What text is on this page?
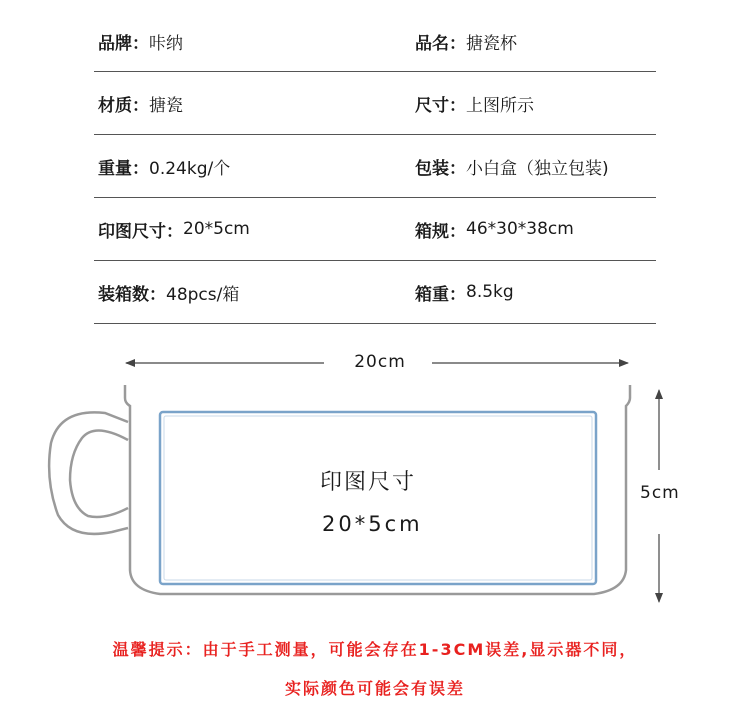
品牌： 咔纳	品名： 搪瓷杯
材质： 搪瓷	尺寸： 上图所示
重量： 0.24kg/个	包装： 小白盒（独立包装)
印图尺寸： 20*5cm	箱规： 46*30*38cm
装箱数： 48pcs/箱	箱重： 8.5kg
20cm
5cm
印图尺寸
20*5cm
温馨提示：由于手工测量，可能会存在1-3CM误差,显示器不同，
实际颜色可能会有误差
